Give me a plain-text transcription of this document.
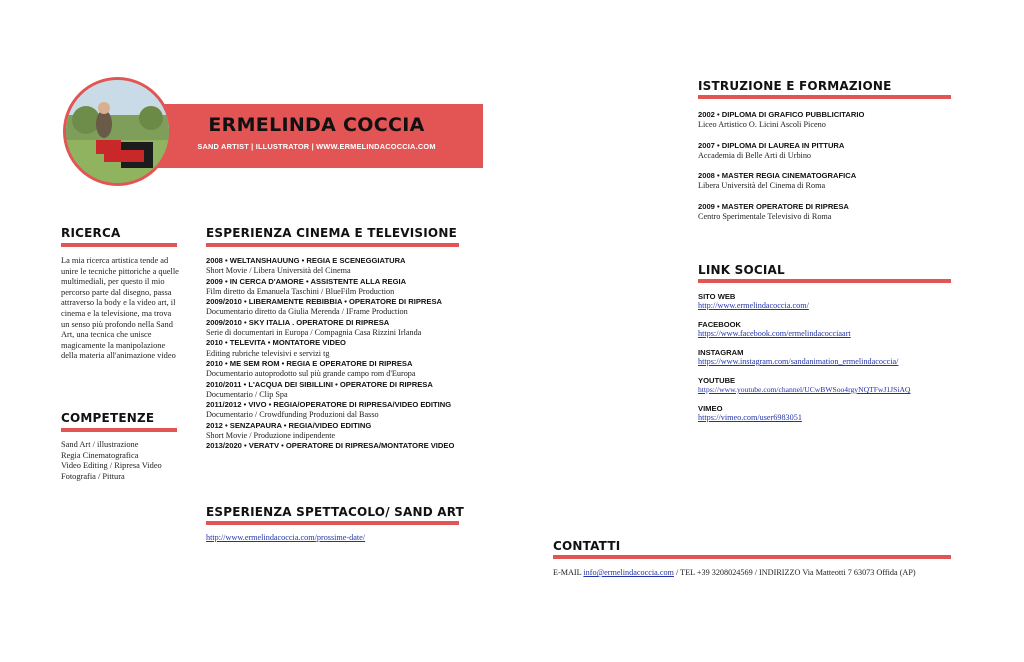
ERMELINDA COCCIA
SAND ARTIST | ILLUSTRATOR | WWW.ERMELINDACOCCIA.COM
RICERCA
La mia ricerca artistica tende ad unire le tecniche pittoriche a quelle multimediali, per questo il mio percorso parte dal disegno, passa attraverso la body e la video art, il cinema e la televisione, ma trova un senso più profondo nella Sand Art, una tecnica che unisce magicamente la manipolazione della materia all'animazione video
COMPETENZE
Sand Art / illustrazione
Regia Cinematografica
Video Editing / Ripresa Video
Fotografia / Pittura
ESPERIENZA CINEMA E TELEVISIONE
2008 • WELTANSHAUUNG • REGIA E SCENEGGIATURA
Short Movie / Libera Università del Cinema
2009 • IN CERCA D'AMORE • ASSISTENTE ALLA REGIA
Film diretto da Emanuela Taschini / BlueFilm Production
2009/2010 • LIBERAMENTE REBIBBIA • OPERATORE DI RIPRESA
Documentario diretto da Giulia Merenda / IFrame Production
2009/2010 • SKY ITALIA . OPERATORE DI RIPRESA
Serie di documentari in Europa / Compagnia Casa Rizzini Irlanda
2010 • TELEVITA • MONTATORE VIDEO
Editing rubriche televisivi e servizi tg
2010 • ME SEM ROM • REGIA E OPERATORE DI RIPRESA
Documentario autoprodotto sul più grande campo rom d'Europa
2010/2011 • L'ACQUA DEI SIBILLINI • OPERATORE DI RIPRESA
Documentario / Clip Spa
2011/2012 • VIVO • REGIA/OPERATORE DI RIPRESA/VIDEO EDITING
Documentario / Crowdfunding Produzioni dal Basso
2012 • SENZAPAURA • REGIA/VIDEO EDITING
Short Movie / Produzione indipendente
2013/2020 • VERATV • OPERATORE DI RIPRESA/MONTATORE VIDEO
ESPERIENZA SPETTACOLO/ SAND ART
http://www.ermelindacoccia.com/prossime-date/
ISTRUZIONE E FORMAZIONE
2002 • DIPLOMA DI GRAFICO PUBBLICITARIO
Liceo Artistico O. Licini Ascoli Piceno
2007 • DIPLOMA DI LAUREA IN PITTURA
Accademia di Belle Arti di Urbino
2008 • MASTER REGIA CINEMATOGRAFICA
Libera Università del Cinema di Roma
2009 • MASTER OPERATORE DI RIPRESA
Centro Sperimentale Televisivo di Roma
LINK SOCIAL
SITO WEB
http://www.ermelindacoccia.com/
FACEBOOK
https://www.facebook.com/ermelindacocciaart
INSTAGRAM
https://www.instagram.com/sandanimation_ermelindacoccia/
YOUTUBE
https://www.youtube.com/channel/UCwBWSoo4rgyNQTFwJ1JSiAQ
VIMEO
https://vimeo.com/user6983051
CONTATTI
E-MAIL info@ermelindacoccia.com / TEL +39 3208024569 / INDIRIZZO Via Matteotti 7 63073 Offida (AP)
